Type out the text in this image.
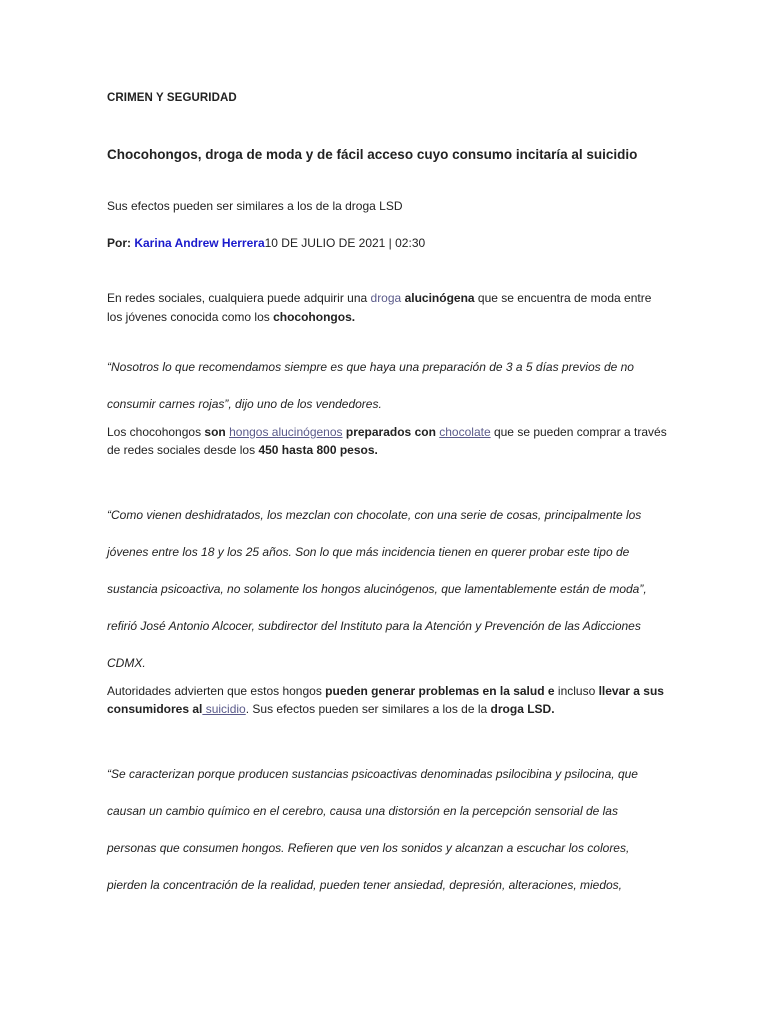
CRIMEN Y SEGURIDAD
Chocohongos, droga de moda y de fácil acceso cuyo consumo incitaría al suicidio
Sus efectos pueden ser similares a los de la droga LSD
Por: Karina Andrew Herrera10 DE JULIO DE 2021 | 02:30
En redes sociales, cualquiera puede adquirir una droga alucinógena que se encuentra de moda entre los jóvenes conocida como los chocohongos.
“Nosotros lo que recomendamos siempre es que haya una preparación de 3 a 5 días previos de no consumir carnes rojas”, dijo uno de los vendedores.
Los chocohongos son hongos alucinógenos preparados con chocolate que se pueden comprar a través de redes sociales desde los 450 hasta 800 pesos.
“Como vienen deshidratados, los mezclan con chocolate, con una serie de cosas, principalmente los jóvenes entre los 18 y los 25 años. Son lo que más incidencia tienen en querer probar este tipo de sustancia psicoactiva, no solamente los hongos alucinógenos, que lamentablemente están de moda”, refirió José Antonio Alcocer, subdirector del Instituto para la Atención y Prevención de las Adicciones CDMX.
Autoridades advierten que estos hongos pueden generar problemas en la salud e incluso llevar a sus consumidores al suicidio. Sus efectos pueden ser similares a los de la droga LSD.
“Se caracterizan porque producen sustancias psicoactivas denominadas psilocibina y psilocina, que causan un cambio químico en el cerebro, causa una distorsión en la percepción sensorial de las personas que consumen hongos. Refieren que ven los sonidos y alcanzan a escuchar los colores, pierden la concentración de la realidad, pueden tener ansiedad, depresión, alteraciones, miedos,
